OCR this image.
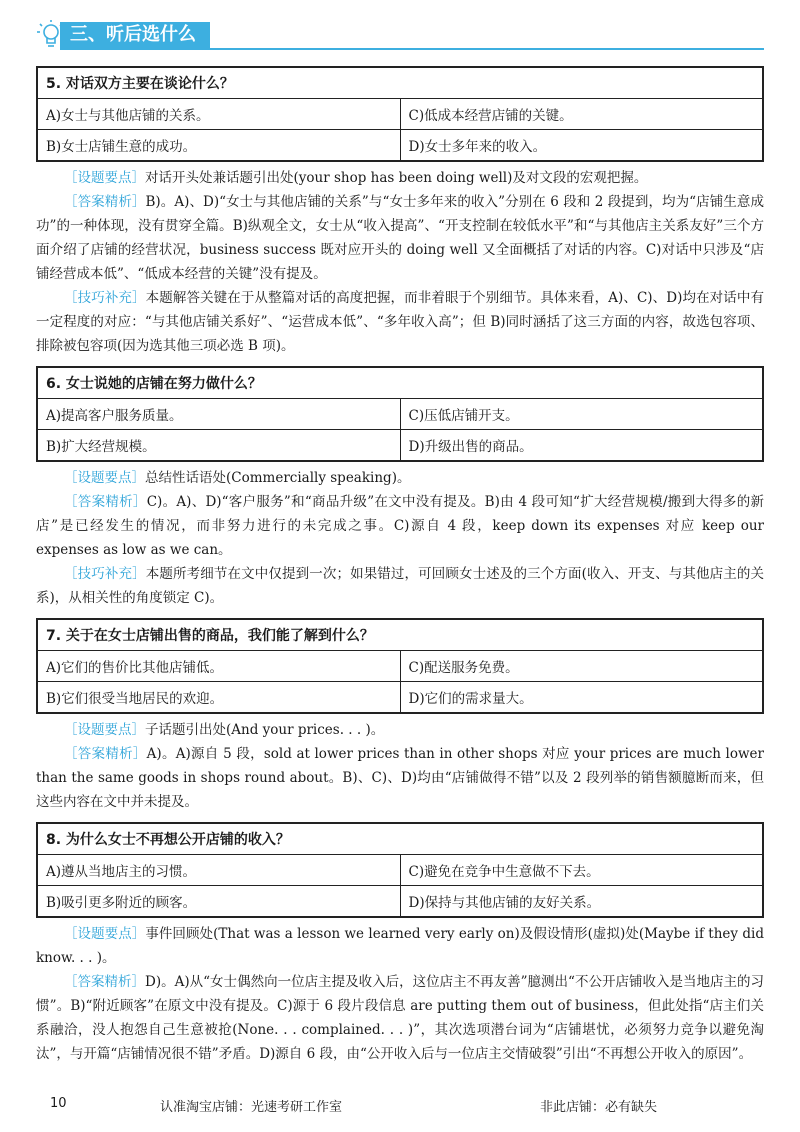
三、听后选什么
5. 对话双方主要在谈论什么？	
A)女士与其他店铺的关系。	C)低成本经营店铺的关键。
B)女士店铺生意的成功。	D)女士多年来的收入。

［设题要点］对话开头处兼话题引出处(your shop has been doing well)及对文段的宏观把握。

［答案精析］B)。A)、D)“女士与其他店铺的关系”与“女士多年来的收入”分别在 6 段和 2 段提到，均为“店铺生意成功”的一种体现，没有贯穿全篇。B)纵观全文，女士从“收入提高”、“开支控制在较低水平”和“与其他店主关系友好”三个方面介绍了店铺的经营状况，business success 既对应开头的 doing well 又全面概括了对话的内容。C)对话中只涉及“店铺经营成本低”、“低成本经营的关键”没有提及。

［技巧补充］本题解答关键在于从整篇对话的高度把握，而非着眼于个别细节。具体来看，A)、C)、D)均在对话中有一定程度的对应：“与其他店铺关系好”、“运营成本低”、“多年收入高”；但 B)同时涵括了这三方面的内容，故选包容项、排除被包容项(因为选其他三项必选 B 项)。

6. 女士说她的店铺在努力做什么？	
A)提高客户服务质量。	C)压低店铺开支。
B)扩大经营规模。	D)升级出售的商品。

［设题要点］总结性话语处(Commercially speaking)。

［答案精析］C)。A)、D)“客户服务”和“商品升级”在文中没有提及。B)由 4 段可知“扩大经营规模/搬到大得多的新店”是已经发生的情况，而非努力进行的未完成之事。C)源自 4 段，keep down its expenses 对应 keep our expenses as low as we can。

［技巧补充］本题所考细节在文中仅提到一次；如果错过，可回顾女士述及的三个方面(收入、开支、与其他店主的关系)，从相关性的角度锁定 C)。

7. 关于在女士店铺出售的商品，我们能了解到什么？	
A)它们的售价比其他店铺低。	C)配送服务免费。
B)它们很受当地居民的欢迎。	D)它们的需求量大。

［设题要点］子话题引出处(And your prices. . . )。

［答案精析］A)。A)源自 5 段，sold at lower prices than in other shops 对应 your prices are much lower than the same goods in shops round about。B)、C)、D)均由“店铺做得不错”以及 2 段列举的销售额臆断而来，但这些内容在文中并未提及。

8. 为什么女士不再想公开店铺的收入？	
A)遵从当地店主的习惯。	C)避免在竞争中生意做不下去。
B)吸引更多附近的顾客。	D)保持与其他店铺的友好关系。

［设题要点］事件回顾处(That was a lesson we learned very early on)及假设情形(虚拟)处(Maybe if they did know. . . )。

［答案精析］D)。A)从“女士偶然向一位店主提及收入后，这位店主不再友善”臆测出“不公开店铺收入是当地店主的习惯”。B)“附近顾客”在原文中没有提及。C)源于 6 段片段信息 are putting them out of business，但此处指“店主们关系融洽，没人抱怨自己生意被抢(None. . . complained. . . )”，其次选项潜台词为“店铺堪忧，必须努力竞争以避免淘汰”，与开篇“店铺情况很不错”矛盾。D)源自 6 段，由“公开收入后与一位店主交情破裂”引出“不再想公开收入的原因”。

10	认准淘宝店铺：光速考研工作室	非此店铺：必有缺失
